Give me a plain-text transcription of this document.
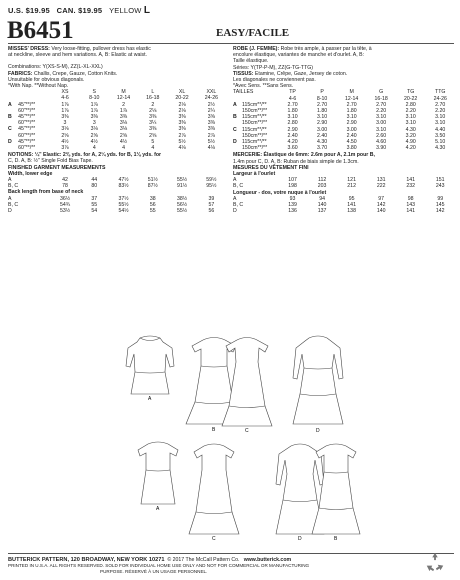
U.S. $19.95 CAN. $19.95 YELLOW L
B6451	EASY/FACILE
MISSES' DRESS: Very loose-fitting, pullover dress has elastic
at neckline, sleeve and hem variations. A, B: Elastic at waist.
Combinations: Y(XS-S-M), ZZ(L-XL-XXL)
FABRICS: Challis, Crepe, Gauze, Cotton Knits.
Unsuitable for obvious diagonals.
*With Nap. **Without Nap.
		XS	S	M	L	XL	XXL
		4-6	8-10	12-14	16-18	20-22	24-26
A	45"**/**	1⅞	1⅞	2	2	2⅛	2½
	60"**/**	1⅞	1⅞	1⅞	2⅛	2⅛	2¼
B	45"**/**	3⅜	3⅜	3⅜	3⅜	3⅜	3⅝
	60"**/**	3	3	3⅛	3¼	3⅜	3⅜
C	45"**/**	3⅛	3⅛	3⅛	3⅜	3⅜	3⅜
	60"**/**	2⅝	2⅝	2⅝	2⅝	2⅞	2⅞
D	45"**/**	4½	4½	4½	5	5½	5½
	60"**/**	3⅞	4	4	4	4⅛	4⅛
NOTIONS: ¼" Elastic: 2⅜ yds. for A, 2¼ yds. for B, 1⅛ yds. for
C, D. A, B: ½" Single Fold Bias Tape.
FINISHED GARMENT MEASUREMENTS
Width, lower edge
A	42	44	47½	51½	55½	59½
B, C	78	80	83½	87½	91½	95½
Back length from base of neck
A	36½	37	37½	38	38½	39
B, C	54¾	55	55½	56	56½	57
D	53½	54	54½	55	55½	56
ROBE (J. FEMME): Robe très ample, à passer par la tête, à
encolure élastique, variantes de manche et d'ourlet. A, B:
Taille élastique.
Séries: Y(TP-P-M), ZZ(G-TG-TTG)
TISSUS: Etamine, Crêpe, Gaze, Jersey de coton.
Les diagonales ne conviennent pas.
*Avec Sens. **Sans Sens.
TAILLES	TP	P	M	G	TG	TTG
	4-6	8-10	12-14	16-18	20-22	24-26
A 115cm**/**	2.70	2.70	2.70	2.70	2.80	2.70
150cm**/**	1.80	1.80	1.80	2.20	2.20	2.20
B 115cm**/**	3.10	3.10	3.10	3.10	3.10	3.10
150cm**/**	2.80	2.90	2.90	3.00	3.10	3.10
C 115cm**/**	2.90	3.00	3.00	3.10	4.30	4.40
150cm**/**	2.40	2.40	2.40	2.60	3.20	3.50
D 115cm**/**	4.20	4.30	4.50	4.60	4.90	5.10
150cm**/**	3.60	3.70	3.80	3.90	4.20	4.30
MERCERIE: Élastique de 6mm: 2.6m pour A, 2.1m pour B,
1.4m pour C, D. A, B: Ruban de biais simple de 1.3cm.
MESURES DU VÊTEMENT FINI
Largeur à l'ourlet
A	107	112	121	131	141	151
B, C	198	203	212	222	232	243
Longueur - dos, votre nuque à l'ourlet
A	93	94	95	97	98	99
B, C	139	140	141	142	143	145
D	136	137	138	140	141	142
A
B	C	D
A
C	D	B
BUTTERICK PATTERN, 120 BROADWAY, NEW YORK 10271 © 2017 The McCall Pattern Co. www.butterick.com
PRINTED IN U.S.A. ALL RIGHTS RESERVED. SOLD FOR INDIVIDUAL HOME USE ONLY AND NOT FOR COMMERCIAL OR MANUFACTURING
PURPOSE. RÉSERVÉ À UN USAGE PERSONNEL.
